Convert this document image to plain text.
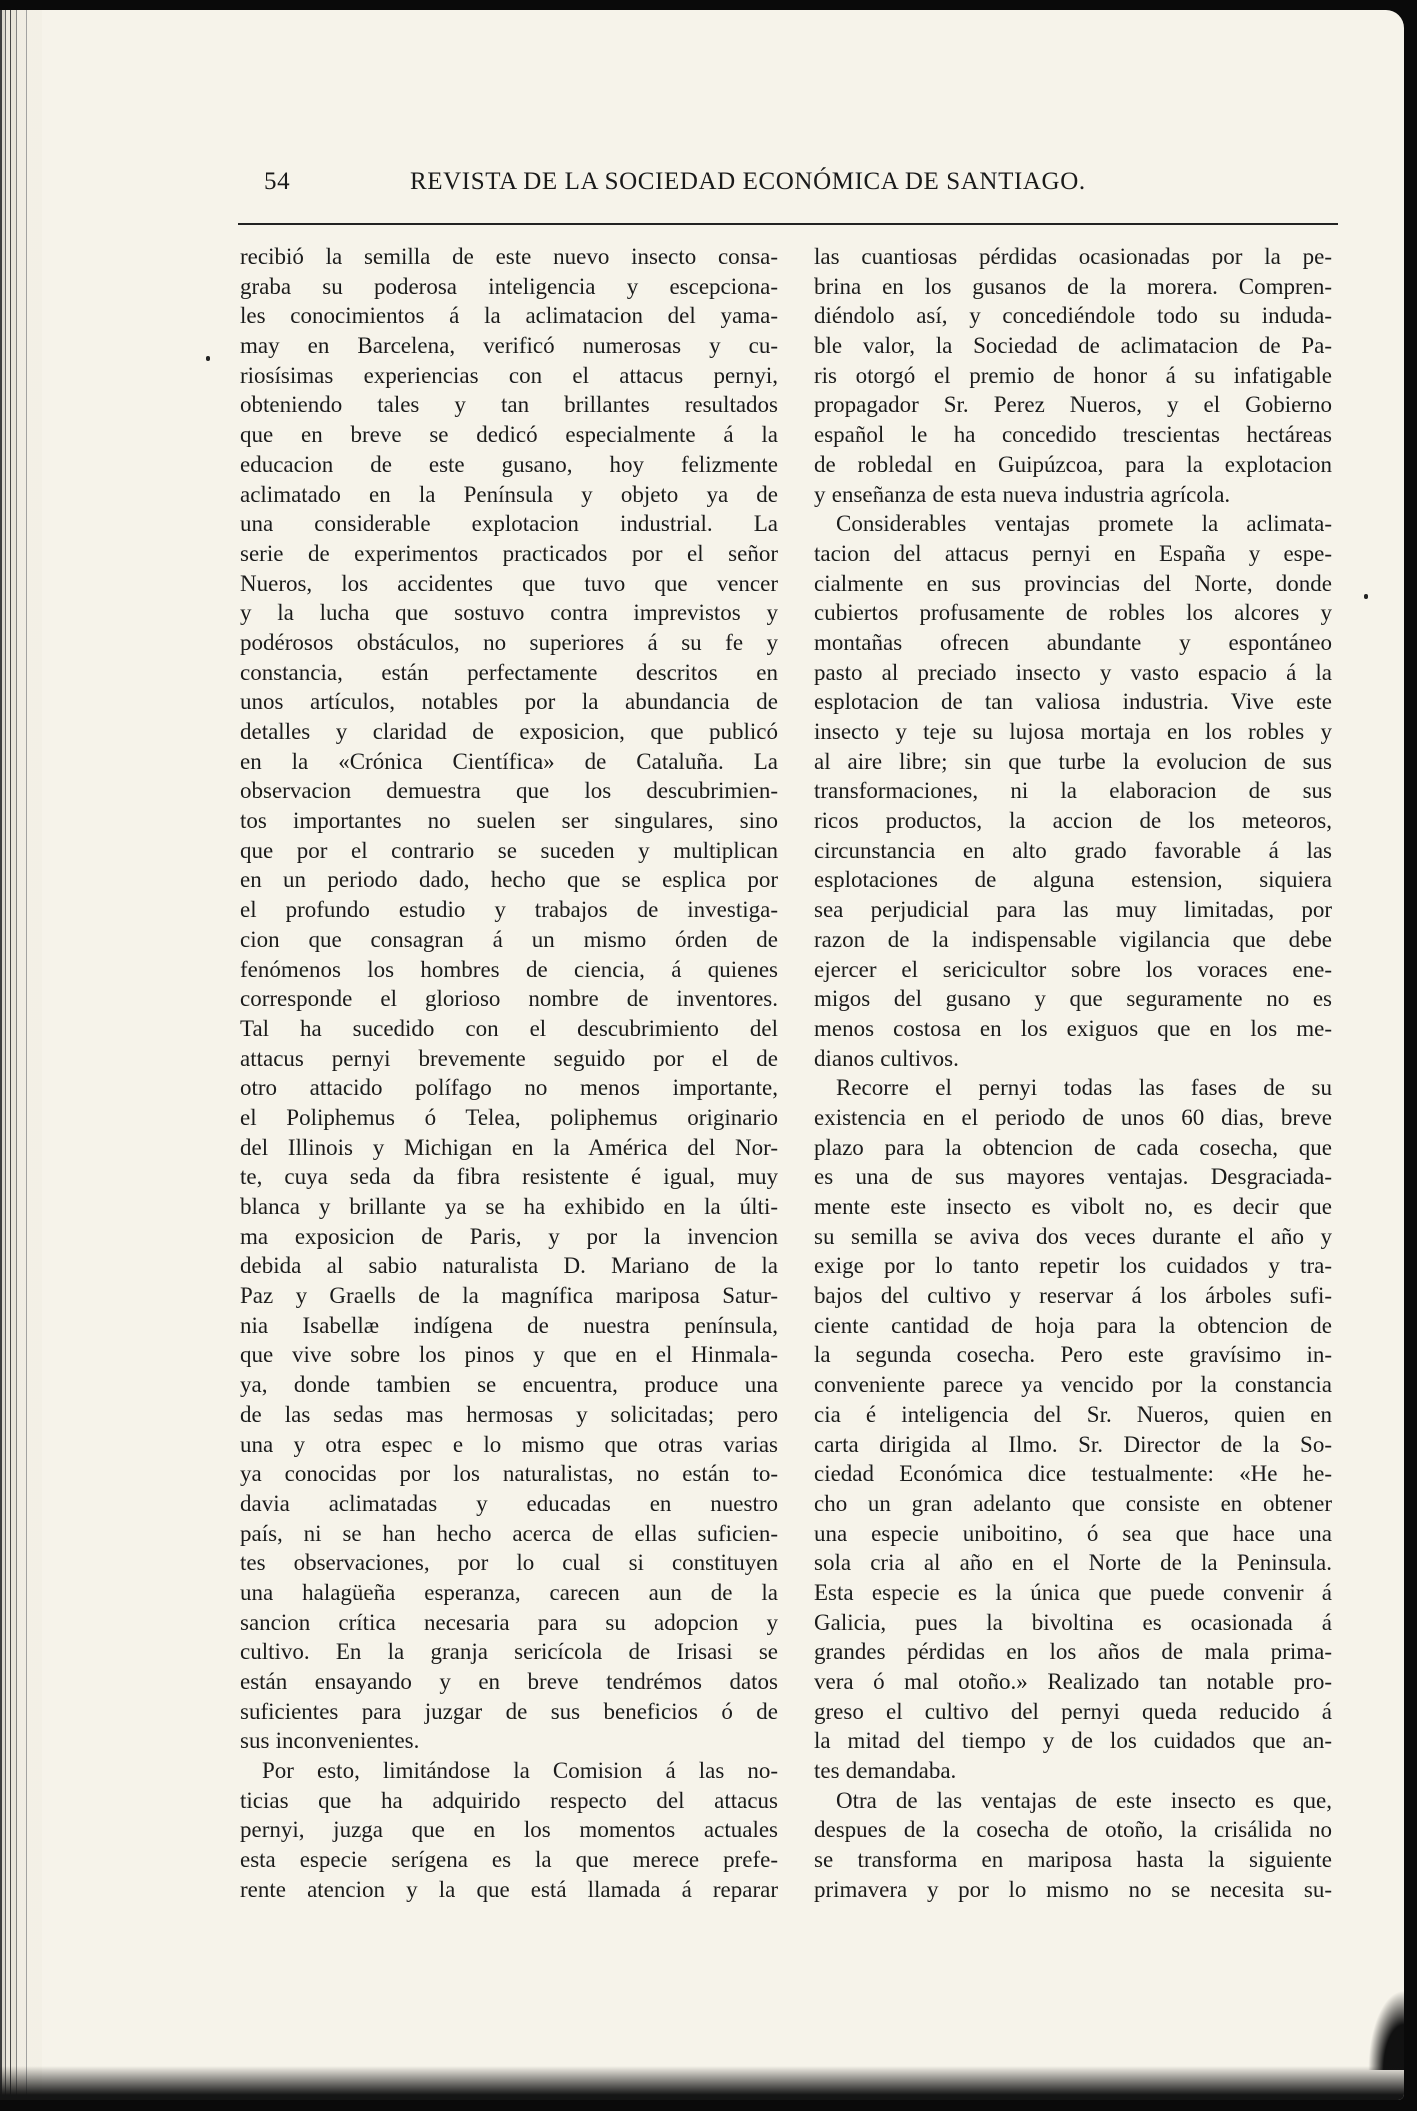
54	REVISTA DE LA SOCIEDAD ECONÓMICA DE SANTIAGO.
recibió la semilla de este nuevo insecto consa-
graba su poderosa inteligencia y escepciona-
les conocimientos á la aclimatacion del yama-
may en Barcelena, verificó numerosas y cu-
riosísimas experiencias con el attacus pernyi,
obteniendo tales y tan brillantes resultados
que en breve se dedicó especialmente á la
educacion de este gusano, hoy felizmente
aclimatado en la Península y objeto ya de
una considerable explotacion industrial. La
serie de experimentos practicados por el señor
Nueros, los accidentes que tuvo que vencer
y la lucha que sostuvo contra imprevistos y
podérosos obstáculos, no superiores á su fe y
constancia, están perfectamente descritos en
unos artículos, notables por la abundancia de
detalles y claridad de exposicion, que publicó
en la «Crónica Científica» de Cataluña. La
observacion demuestra que los descubrimien-
tos importantes no suelen ser singulares, sino
que por el contrario se suceden y multiplican
en un periodo dado, hecho que se esplica por
el profundo estudio y trabajos de investiga-
cion que consagran á un mismo órden de
fenómenos los hombres de ciencia, á quienes
corresponde el glorioso nombre de inventores.
Tal ha sucedido con el descubrimiento del
attacus pernyi brevemente seguido por el de
otro attacido polífago no menos importante,
el Poliphemus ó Telea, poliphemus originario
del Illinois y Michigan en la América del Nor-
te, cuya seda da fibra resistente é igual, muy
blanca y brillante ya se ha exhibido en la últi-
ma exposicion de Paris, y por la invencion
debida al sabio naturalista D. Mariano de la
Paz y Graells de la magnífica mariposa Satur-
nia Isabellæ indígena de nuestra península,
que vive sobre los pinos y que en el Hinmala-
ya, donde tambien se encuentra, produce una
de las sedas mas hermosas y solicitadas; pero
una y otra espec e lo mismo que otras varias
ya conocidas por los naturalistas, no están to-
davia aclimatadas y educadas en nuestro
país, ni se han hecho acerca de ellas suficien-
tes observaciones, por lo cual si constituyen
una halagüeña esperanza, carecen aun de la
sancion crítica necesaria para su adopcion y
cultivo. En la granja sericícola de Irisasi se
están ensayando y en breve tendrémos datos
suficientes para juzgar de sus beneficios ó de
sus inconvenientes.
Por esto, limitándose la Comision á las no-
ticias que ha adquirido respecto del attacus
pernyi, juzga que en los momentos actuales
esta especie serígena es la que merece prefe-
rente atencion y la que está llamada á reparar
las cuantiosas pérdidas ocasionadas por la pe-
brina en los gusanos de la morera. Compren-
diéndolo así, y concediéndole todo su induda-
ble valor, la Sociedad de aclimatacion de Pa-
ris otorgó el premio de honor á su infatigable
propagador Sr. Perez Nueros, y el Gobierno
español le ha concedido trescientas hectáreas
de robledal en Guipúzcoa, para la explotacion
y enseñanza de esta nueva industria agrícola.
Considerables ventajas promete la aclimata-
tacion del attacus pernyi en España y espe-
cialmente en sus provincias del Norte, donde
cubiertos profusamente de robles los alcores y
montañas ofrecen abundante y espontáneo
pasto al preciado insecto y vasto espacio á la
esplotacion de tan valiosa industria. Vive este
insecto y teje su lujosa mortaja en los robles y
al aire libre; sin que turbe la evolucion de sus
transformaciones, ni la elaboracion de sus
ricos productos, la accion de los meteoros,
circunstancia en alto grado favorable á las
esplotaciones de alguna estension, siquiera
sea perjudicial para las muy limitadas, por
razon de la indispensable vigilancia que debe
ejercer el sericicultor sobre los voraces ene-
migos del gusano y que seguramente no es
menos costosa en los exiguos que en los me-
dianos cultivos.
Recorre el pernyi todas las fases de su
existencia en el periodo de unos 60 dias, breve
plazo para la obtencion de cada cosecha, que
es una de sus mayores ventajas. Desgraciada-
mente este insecto es vibolt no, es decir que
su semilla se aviva dos veces durante el año y
exige por lo tanto repetir los cuidados y tra-
bajos del cultivo y reservar á los árboles sufi-
ciente cantidad de hoja para la obtencion de
la segunda cosecha. Pero este gravísimo in-
conveniente parece ya vencido por la constancia
cia é inteligencia del Sr. Nueros, quien en
carta dirigida al Ilmo. Sr. Director de la So-
ciedad Económica dice testualmente: «He he-
cho un gran adelanto que consiste en obtener
una especie uniboitino, ó sea que hace una
sola cria al año en el Norte de la Peninsula.
Esta especie es la única que puede convenir á
Galicia, pues la bivoltina es ocasionada á
grandes pérdidas en los años de mala prima-
vera ó mal otoño.» Realizado tan notable pro-
greso el cultivo del pernyi queda reducido á
la mitad del tiempo y de los cuidados que an-
tes demandaba.
Otra de las ventajas de este insecto es que,
despues de la cosecha de otoño, la crisálida no
se transforma en mariposa hasta la siguiente
primavera y por lo mismo no se necesita su-
